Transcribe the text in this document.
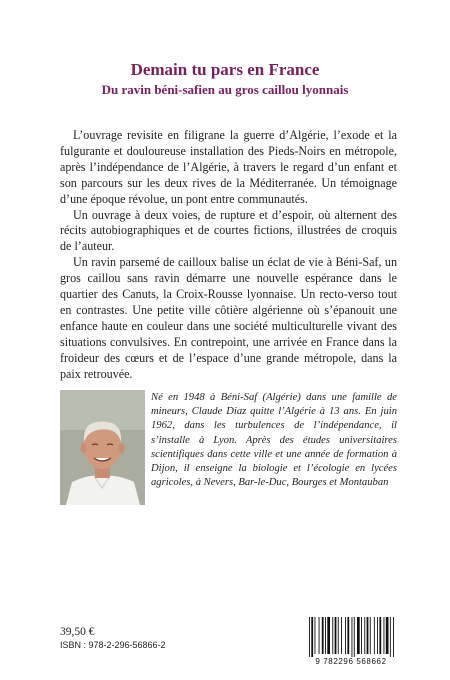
Demain tu pars en France
Du ravin béni-safien au gros caillou lyonnais

L’ouvrage revisite en filigrane la guerre d’Algérie, l’exode et la fulgurante et douloureuse installation des Pieds-Noirs en métropole, après l’indépendance de l’Algérie, à travers le regard d’un enfant et son parcours sur les deux rives de la Méditerranée. Un témoignage d’une époque révolue, un pont entre communautés.

Un ouvrage à deux voies, de rupture et d’espoir, où alternent des récits autobiographiques et de courtes fictions, illustrées de croquis de l’auteur.

Un ravin parsemé de cailloux balise un éclat de vie à Béni-Saf, un gros caillou sans ravin démarre une nouvelle espérance dans le quartier des Canuts, la Croix-Rousse lyonnaise. Un recto-verso tout en contrastes. Une petite ville côtière algérienne où s’épanouit une enfance haute en couleur dans une société multiculturelle vivant des situations convulsives. En contrepoint, une arrivée en France dans la froideur des cœurs et de l’espace d’une grande métropole, dans la paix retrouvée.

Né en 1948 à Béni-Saf (Algérie) dans une famille de mineurs, Claude Diaz quitte l’Algérie à 13 ans. En juin 1962, dans les turbulences de l’indépendance, il s’installe à Lyon. Après des études universitaires scientifiques dans cette ville et une année de formation à Dijon, il enseigne la biologie et l’écologie en lycées agricoles, à Nevers, Bar-le-Duc, Bourges et Montauban
39,50 €
ISBN : 978-2-296-56866-2
9 782296 568662
